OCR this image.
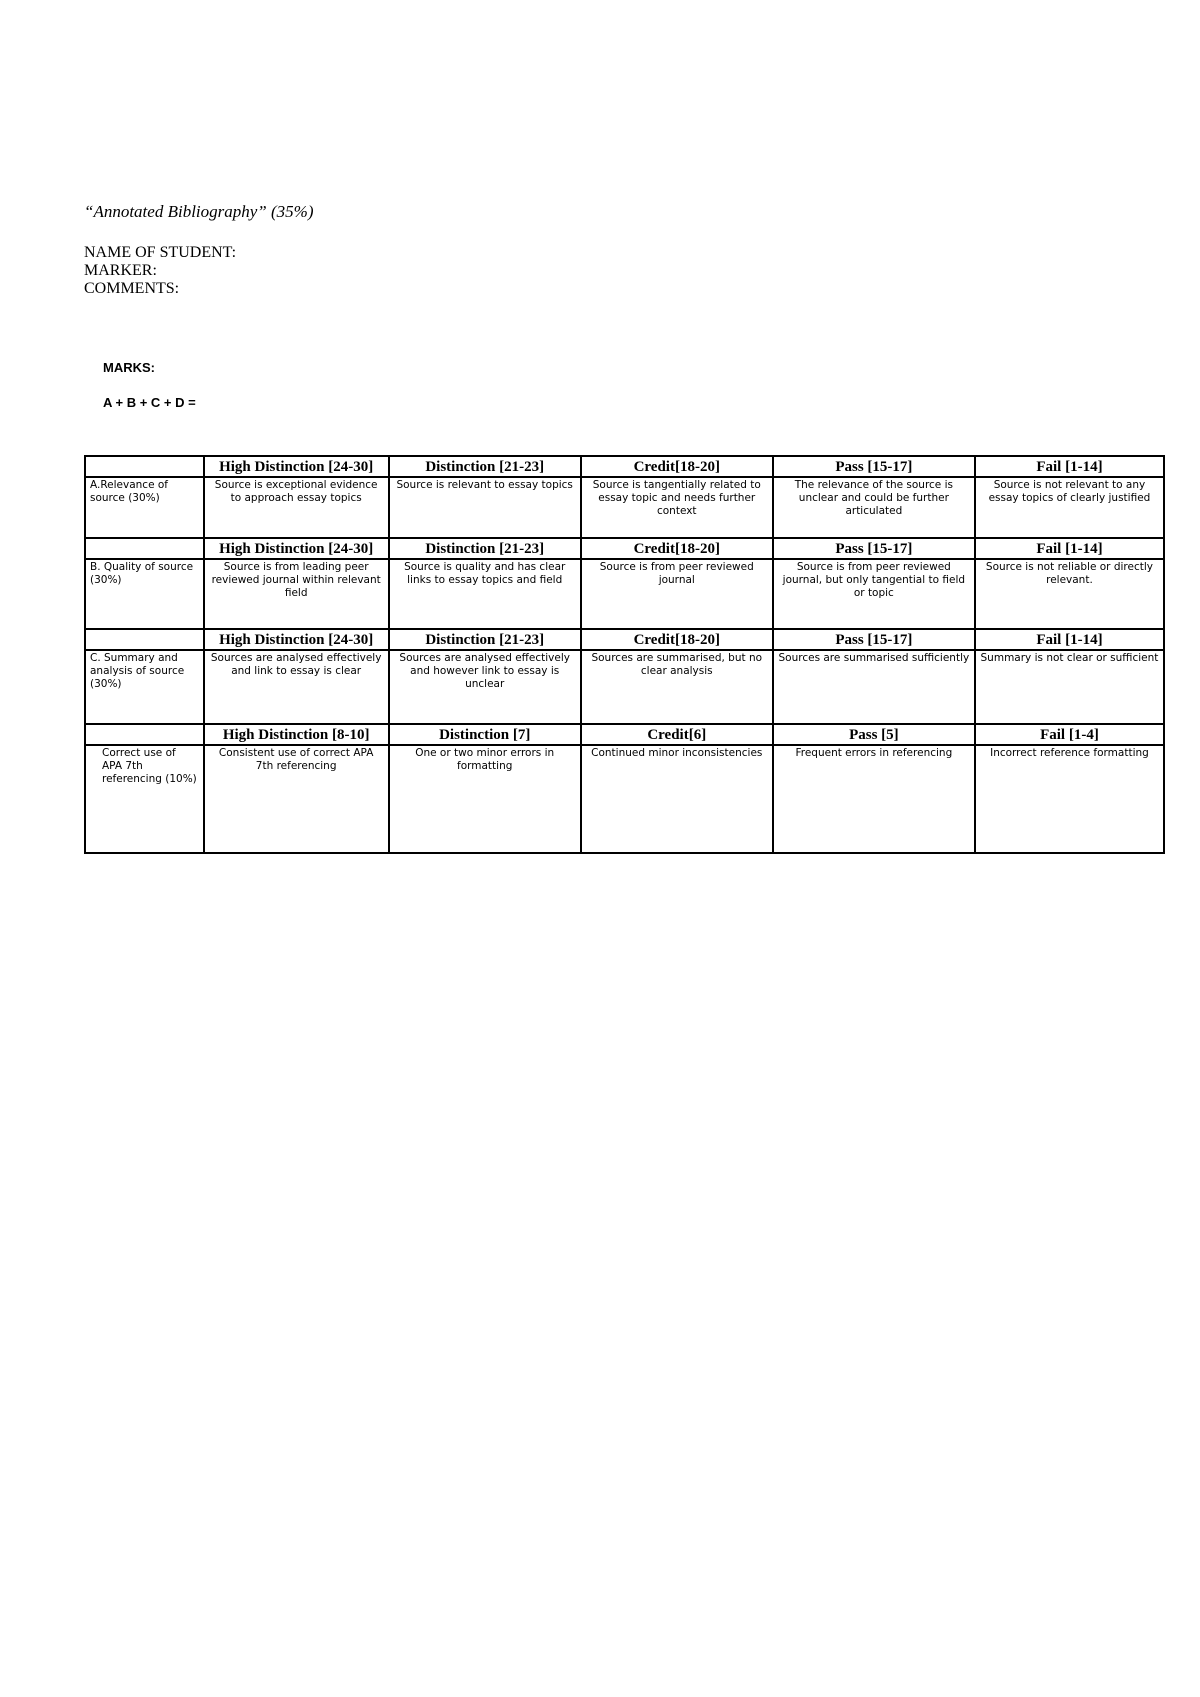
“Annotated Bibliography” (35%)
NAME OF STUDENT:
MARKER:
COMMENTS:
MARKS:
A + B + C + D =
	High Distinction [24-30]	Distinction [21-23]	Credit[18-20]	Pass [15-17]	Fail [1-14]
A.Relevance of source (30%)	Source is exceptional evidence to approach essay topics	Source is relevant to essay topics	Source is tangentially related to essay topic and needs further context	The relevance of the source is unclear and could be further articulated	Source is not relevant to any essay topics of clearly justified
	High Distinction [24-30]	Distinction [21-23]	Credit[18-20]	Pass [15-17]	Fail [1-14]
B. Quality of source (30%)	Source is from leading peer reviewed journal within relevant field	Source is quality and has clear links to essay topics and field	Source is from peer reviewed journal	Source is from peer reviewed journal, but only tangential to field or topic	Source is not reliable or directly relevant.
	High Distinction [24-30]	Distinction [21-23]	Credit[18-20]	Pass [15-17]	Fail [1-14]
C. Summary and analysis of source (30%)	Sources are analysed effectively and link to essay is clear	Sources are analysed effectively and however link to essay is unclear	Sources are summarised, but no clear analysis	Sources are summarised sufficiently	Summary is not clear or sufficient
	High Distinction [8-10]	Distinction [7]	Credit[6]	Pass [5]	Fail [1-4]
Correct use of APA 7th referencing (10%)	Consistent use of correct APA 7th referencing	One or two minor errors in formatting	Continued minor inconsistencies	Frequent errors in referencing	Incorrect reference formatting
